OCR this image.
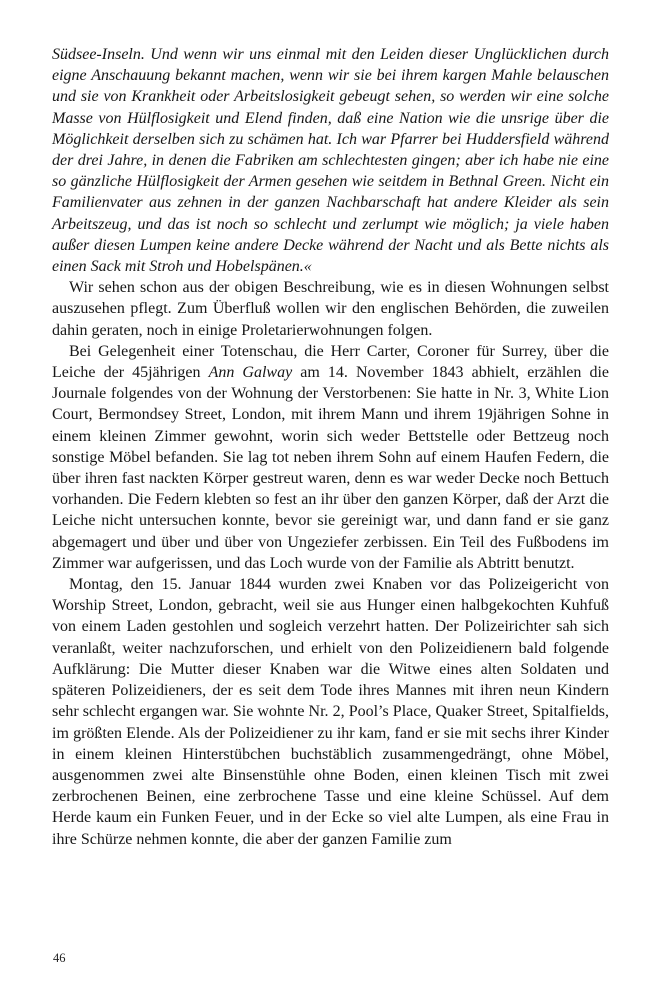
Südsee-Inseln. Und wenn wir uns einmal mit den Leiden dieser Unglücklichen durch eigne Anschauung bekannt machen, wenn wir sie bei ihrem kargen Mahle belauschen und sie von Krankheit oder Arbeitslosigkeit gebeugt sehen, so werden wir eine solche Masse von Hülflosigkeit und Elend finden, daß eine Nation wie die unsrige über die Möglichkeit derselben sich zu schämen hat. Ich war Pfarrer bei Huddersfield während der drei Jahre, in denen die Fabriken am schlechtesten gingen; aber ich habe nie eine so gänzliche Hülflosigkeit der Armen gesehen wie seitdem in Bethnal Green. Nicht ein Familienvater aus zehnen in der ganzen Nachbarschaft hat andere Kleider als sein Arbeitszeug, und das ist noch so schlecht und zerlumpt wie möglich; ja viele haben außer diesen Lumpen keine andere Decke während der Nacht und als Bette nichts als einen Sack mit Stroh und Hobelspänen.«

Wir sehen schon aus der obigen Beschreibung, wie es in diesen Wohnungen selbst auszusehen pflegt. Zum Überfluß wollen wir den englischen Behörden, die zuweilen dahin geraten, noch in einige Proletarierwohnungen folgen.

Bei Gelegenheit einer Totenschau, die Herr Carter, Coroner für Surrey, über die Leiche der 45jährigen Ann Galway am 14. November 1843 abhielt, erzählen die Journale folgendes von der Wohnung der Verstorbenen: Sie hatte in Nr. 3, White Lion Court, Bermondsey Street, London, mit ihrem Mann und ihrem 19jährigen Sohne in einem kleinen Zimmer gewohnt, worin sich weder Bettstelle oder Bettzeug noch sonstige Möbel befanden. Sie lag tot neben ihrem Sohn auf einem Haufen Federn, die über ihren fast nackten Körper gestreut waren, denn es war weder Decke noch Bettuch vorhanden. Die Federn klebten so fest an ihr über den ganzen Körper, daß der Arzt die Leiche nicht untersuchen konnte, bevor sie gereinigt war, und dann fand er sie ganz abgemagert und über und über von Ungeziefer zerbissen. Ein Teil des Fußbodens im Zimmer war aufgerissen, und das Loch wurde von der Familie als Abtritt benutzt.

Montag, den 15. Januar 1844 wurden zwei Knaben vor das Polizeigericht von Worship Street, London, gebracht, weil sie aus Hunger einen halbgekochten Kuhfuß von einem Laden gestohlen und sogleich verzehrt hatten. Der Polizeirichter sah sich veranlaßt, weiter nachzuforschen, und erhielt von den Polizeidienern bald folgende Aufklärung: Die Mutter dieser Knaben war die Witwe eines alten Soldaten und späteren Polizeidieners, der es seit dem Tode ihres Mannes mit ihren neun Kindern sehr schlecht ergangen war. Sie wohnte Nr. 2, Pool’s Place, Quaker Street, Spitalfields, im größten Elende. Als der Polizeidiener zu ihr kam, fand er sie mit sechs ihrer Kinder in einem kleinen Hinterstübchen buchstäblich zusammengedrängt, ohne Möbel, ausgenommen zwei alte Binsenstühle ohne Boden, einen kleinen Tisch mit zwei zerbrochenen Beinen, eine zerbrochene Tasse und eine kleine Schüssel. Auf dem Herde kaum ein Funken Feuer, und in der Ecke so viel alte Lumpen, als eine Frau in ihre Schürze nehmen konnte, die aber der ganzen Familie zum

46
